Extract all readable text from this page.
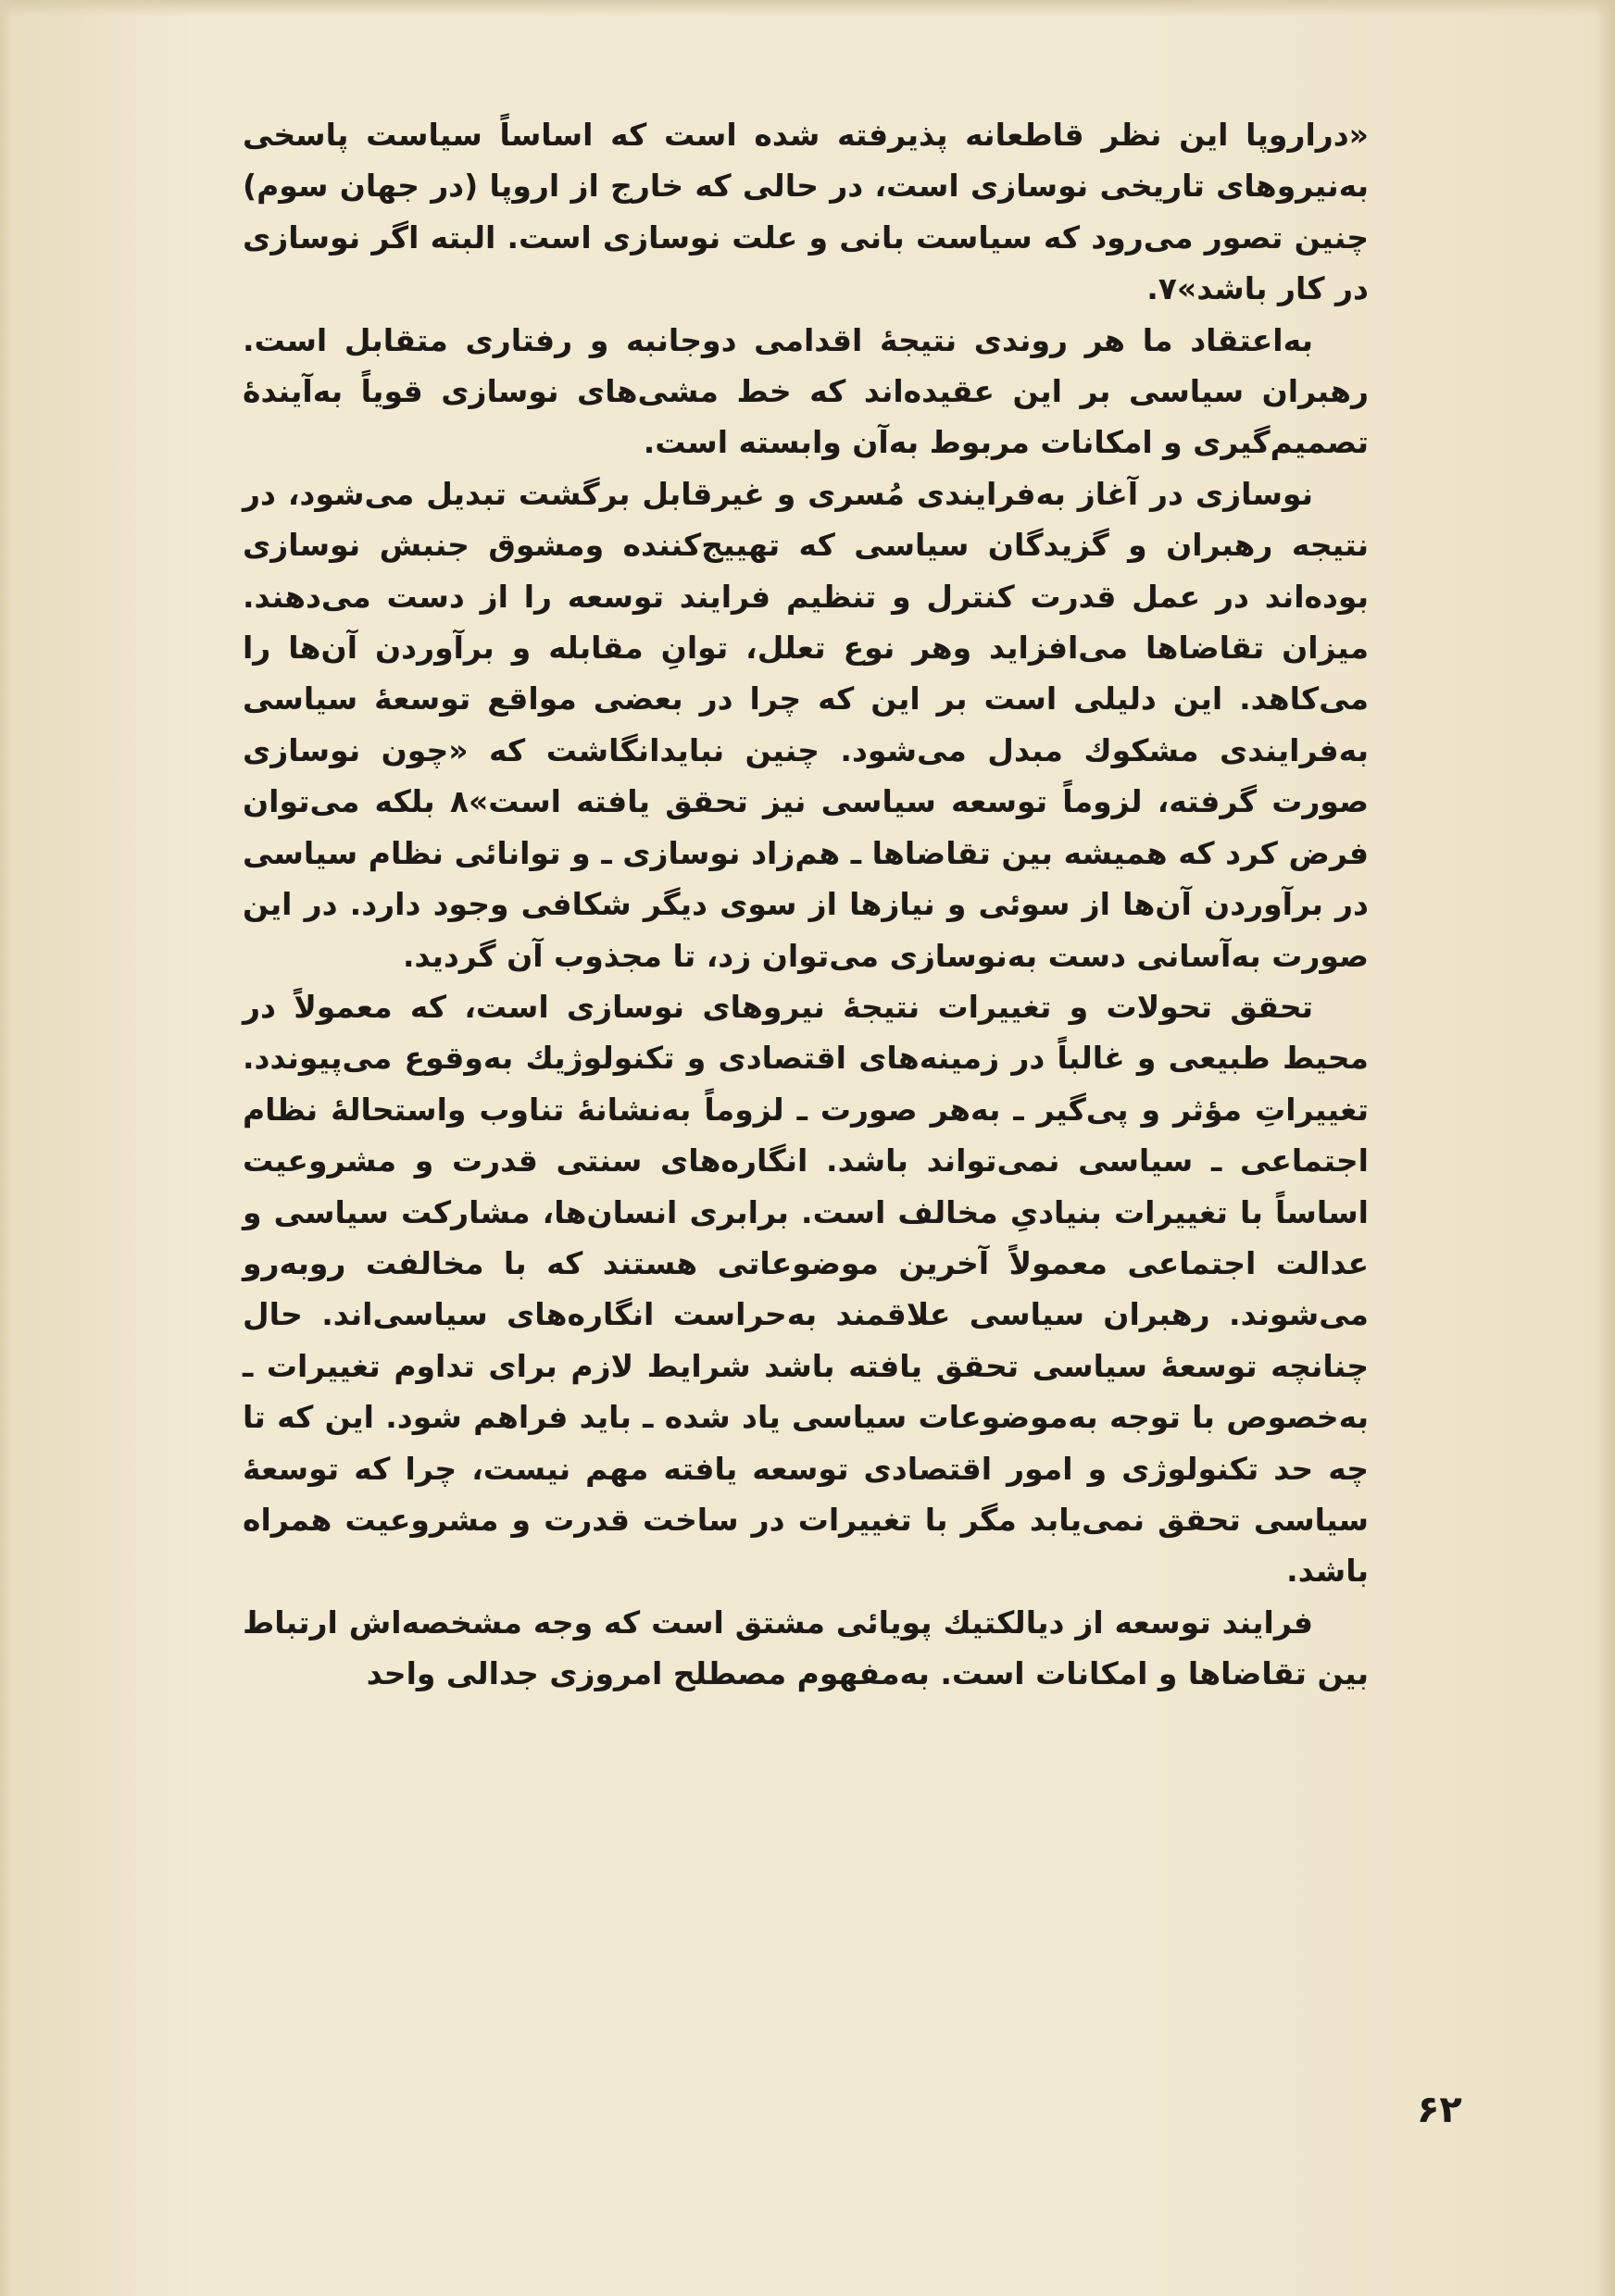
«دراروپا این نظر قاطعانه پذیرفته شده است که اساساً سیاست پاسخی به‌نیروهای تاریخی نوسازی است، در حالی که خارج از اروپا (در جهان سوم) چنین تصور می‌رود که سیاست بانی و علت نوسازی است. البته اگر نوسازی در کار باشد»۷.

به‌اعتقاد ما هر روندی نتیجهٔ اقدامی دوجانبه و رفتاری متقابل است. رهبران سیاسی بر این عقیده‌اند که خط مشی‌های نوسازی قویاً به‌آیندهٔ تصمیم‌گیری و امکانات مربوط به‌آن وابسته است.

نوسازی در آغاز به‌فرایندی مُسری و غیرقابل برگشت تبدیل می‌شود، در نتیجه رهبران و گزیدگان سیاسی که تهییج‌کننده ومشوق جنبش نوسازی بوده‌اند در عمل قدرت کنترل و تنظیم فرایند توسعه را از دست می‌دهند. میزان تقاضاها می‌افزاید وهر نوع تعلل، توانِ مقابله و برآوردن آن‌ها را می‌کاهد. این دلیلی است بر این که چرا در بعضی مواقع توسعهٔ سیاسی به‌فرایندی مشکوك مبدل می‌شود. چنین نبایدانگاشت که «چون نوسازی صورت گرفته، لزوماً توسعه سیاسی نیز تحقق یافته است»۸ بلکه می‌توان فرض کرد که همیشه بین تقاضاها ـ هم‌زاد نوسازی ـ و توانائی نظام سیاسی در برآوردن آن‌ها از سوئی و نیازها از سوی دیگر شکافی وجود دارد. در این صورت به‌آسانی دست به‌نوسازی می‌توان زد، تا مجذوب آن گردید.

تحقق تحولات و تغییرات نتیجهٔ نیروهای نوسازی است، که معمولاً در محیط طبیعی و غالباً در زمینه‌های اقتصادی و تکنولوژیك به‌وقوع می‌پیوندد. تغییراتِ مؤثر و پی‌گیر ـ به‌هر صورت ـ لزوماً به‌نشانهٔ تناوب واستحالهٔ نظام اجتماعی ـ سیاسی نمی‌تواند باشد. انگاره‌های سنتی قدرت و مشروعیت اساساً با تغییرات بنیادیِ مخالف است. برابری انسان‌ها، مشارکت سیاسی و عدالت اجتماعی معمولاً آخرین موضوعاتی هستند که با مخالفت روبه‌رو می‌شوند. رهبران سیاسی علاقمند به‌حراست انگاره‌های سیاسی‌اند. حال چنانچه توسعهٔ سیاسی تحقق یافته باشد شرایط لازم برای تداوم تغییرات ـ به‌خصوص با توجه به‌موضوعات سیاسی یاد شده ـ باید فراهم شود. این که تا چه حد تکنولوژی و امور اقتصادی توسعه یافته مهم نیست، چرا که توسعهٔ سیاسی تحقق نمی‌یابد مگر با تغییرات در ساخت قدرت و مشروعیت همراه باشد.

فرایند توسعه از دیالکتیك پویائی مشتق است که وجه مشخصه‌اش ارتباط بین تقاضاها و امکانات است. به‌مفهوم مصطلح امروزی جدالی واحد

۶۲
